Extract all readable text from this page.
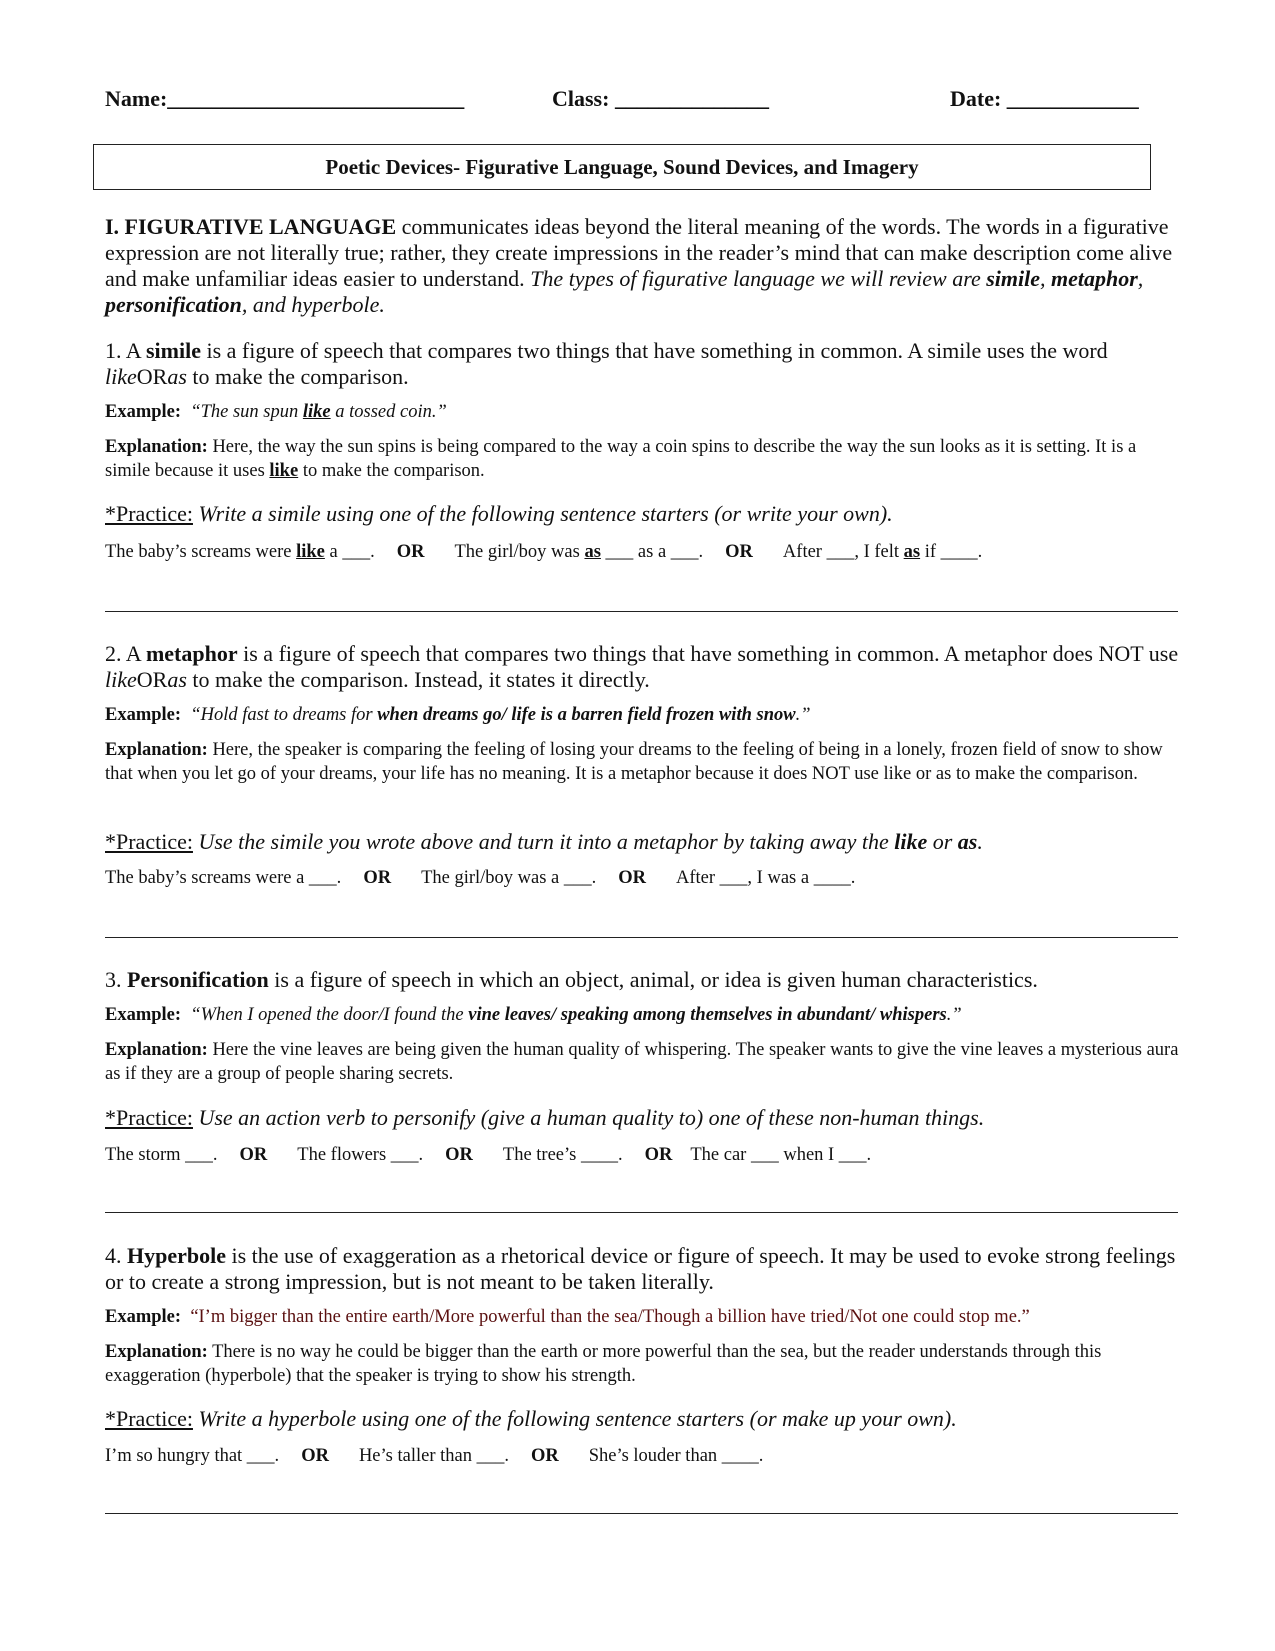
Name:___________________________	Class: ______________	Date: ____________
Poetic Devices- Figurative Language, Sound Devices, and Imagery
I. FIGURATIVE LANGUAGE communicates ideas beyond the literal meaning of the words. The words in a figurative expression are not literally true; rather, they create impressions in the reader’s mind that can make description come alive and make unfamiliar ideas easier to understand. The types of figurative language we will review are simile, metaphor, personification, and hyperbole.
1. A simile is a figure of speech that compares two things that have something in common. A simile uses the word likeORas to make the comparison.
Example: “The sun spun like a tossed coin.”
Explanation: Here, the way the sun spins is being compared to the way a coin spins to describe the way the sun looks as it is setting. It is a simile because it uses like to make the comparison.
*Practice: Write a simile using one of the following sentence starters (or write your own).
The baby’s screams were like a ___. OR The girl/boy was as ___ as a ___. OR After ___, I felt as if ____.
2. A metaphor is a figure of speech that compares two things that have something in common. A metaphor does NOT use likeORas to make the comparison. Instead, it states it directly.
Example: “Hold fast to dreams for when dreams go/ life is a barren field frozen with snow.”
Explanation: Here, the speaker is comparing the feeling of losing your dreams to the feeling of being in a lonely, frozen field of snow to show that when you let go of your dreams, your life has no meaning. It is a metaphor because it does NOT use like or as to make the comparison.
*Practice: Use the simile you wrote above and turn it into a metaphor by taking away the like or as.
The baby’s screams were a ___. OR The girl/boy was a ___. OR After ___, I was a ____.
3. Personification is a figure of speech in which an object, animal, or idea is given human characteristics.
Example: “When I opened the door/I found the vine leaves/ speaking among themselves in abundant/ whispers.”
Explanation: Here the vine leaves are being given the human quality of whispering. The speaker wants to give the vine leaves a mysterious aura as if they are a group of people sharing secrets.
*Practice: Use an action verb to personify (give a human quality to) one of these non-human things.
The storm ___. OR The flowers ___. OR The tree’s ____. OR The car ___ when I ___.
4. Hyperbole is the use of exaggeration as a rhetorical device or figure of speech. It may be used to evoke strong feelings or to create a strong impression, but is not meant to be taken literally.
Example: “I’m bigger than the entire earth/More powerful than the sea/Though a billion have tried/Not one could stop me.”
Explanation: There is no way he could be bigger than the earth or more powerful than the sea, but the reader understands through this exaggeration (hyperbole) that the speaker is trying to show his strength.
*Practice: Write a hyperbole using one of the following sentence starters (or make up your own).
I’m so hungry that ___. OR He’s taller than ___. OR She’s louder than ____.
